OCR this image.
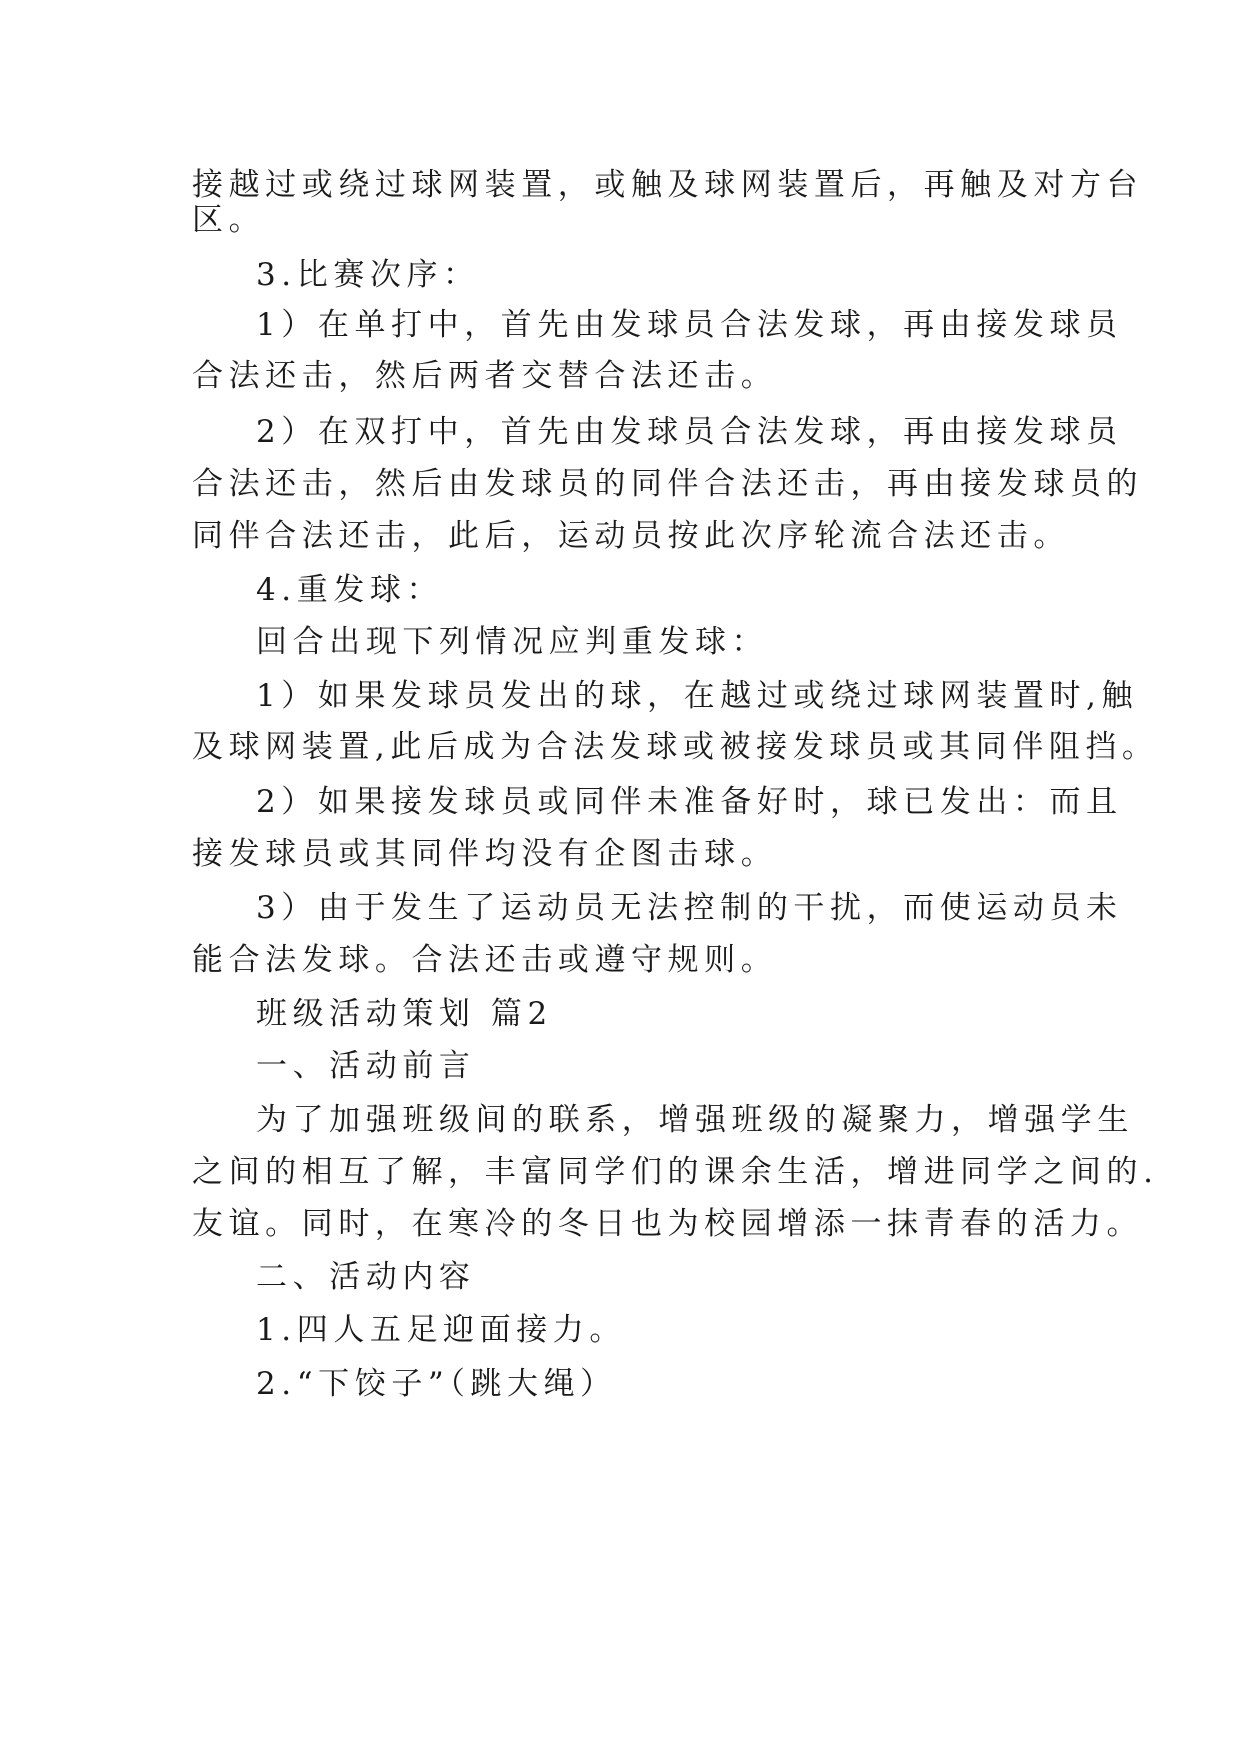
接越过或绕过球网装置，或触及球网装置后，再触及对方台
区。
3.比赛次序：
1）在单打中，首先由发球员合法发球，再由接发球员
合法还击，然后两者交替合法还击。
2）在双打中，首先由发球员合法发球，再由接发球员
合法还击，然后由发球员的同伴合法还击，再由接发球员的
同伴合法还击，此后，运动员按此次序轮流合法还击。
4.重发球：
回合出现下列情况应判重发球：
1）如果发球员发出的球，在越过或绕过球网装置时,触
及球网装置,此后成为合法发球或被接发球员或其同伴阻挡。
2）如果接发球员或同伴未准备好时，球已发出：而且
接发球员或其同伴均没有企图击球。
3）由于发生了运动员无法控制的干扰，而使运动员未
能合法发球。合法还击或遵守规则。
班级活动策划 篇2
一、活动前言
为了加强班级间的联系，增强班级的凝聚力，增强学生
之间的相互了解，丰富同学们的课余生活，增进同学之间的.
友谊。同时，在寒冷的冬日也为校园增添一抹青春的活力。
二、活动内容
1.四人五足迎面接力。
2.“下饺子”（跳大绳）
